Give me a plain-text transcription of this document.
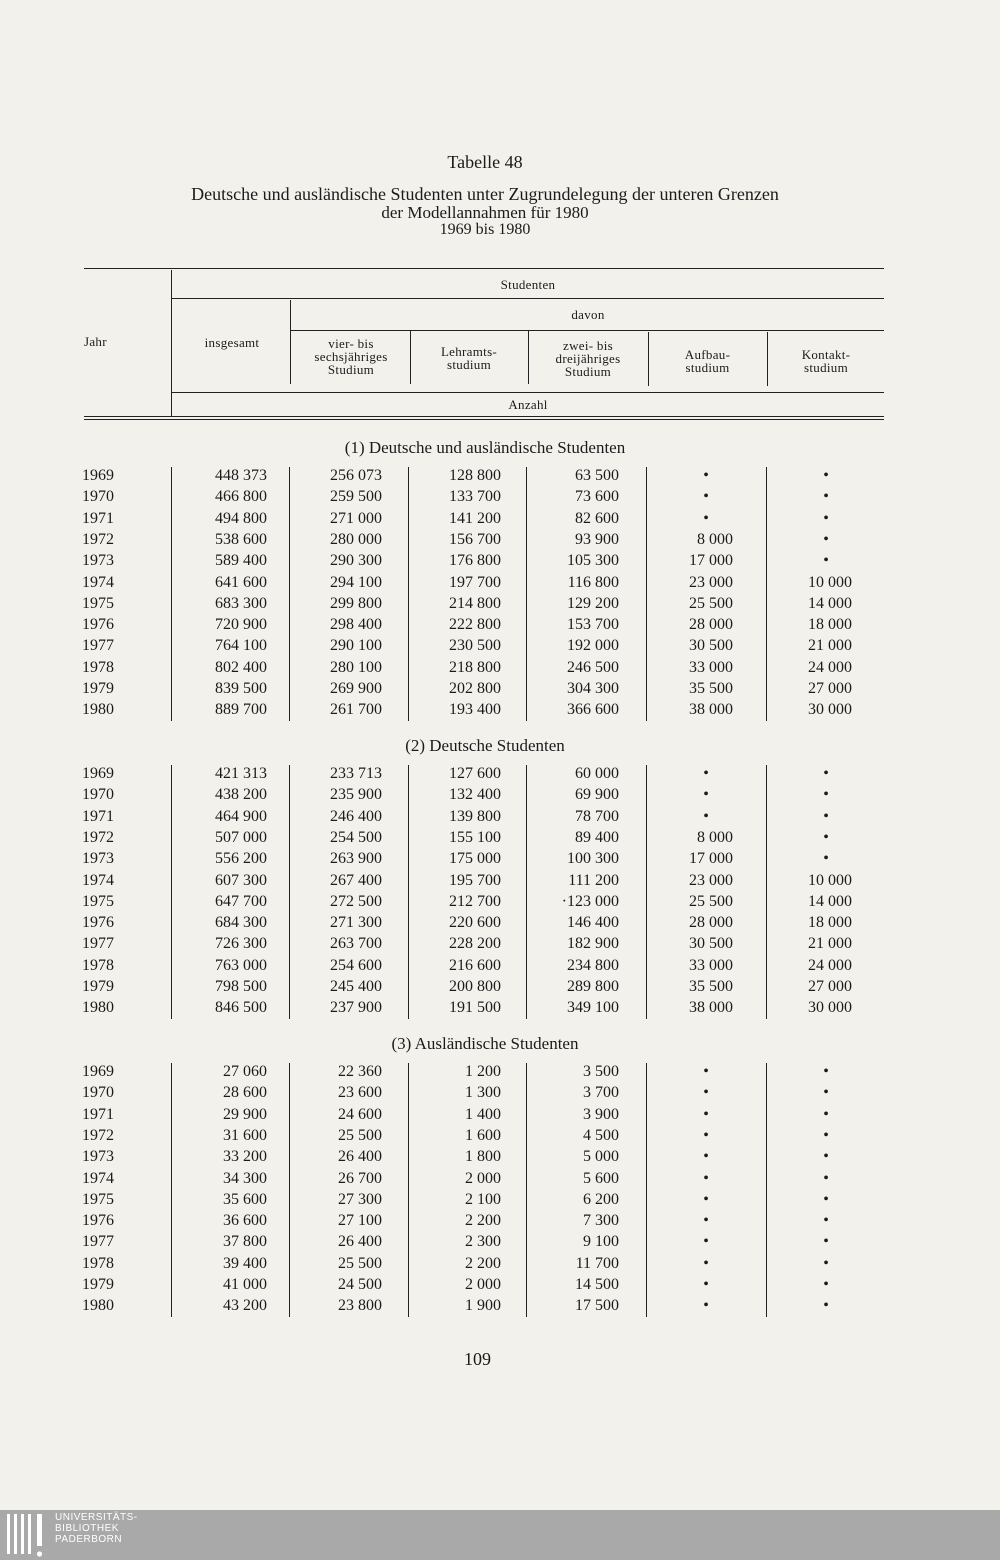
Tabelle 48
Deutsche und ausländische Studenten unter Zugrundelegung der unteren Grenzen
der Modellannahmen für 1980
1969 bis 1980
Jahr
Studenten
insgesamt
davon
vier- bis
sechsjähriges
Studium
Lehramts-
studium
zwei- bis
dreijähriges
Studium
Aufbau-
studium
Kontakt-
studium
Anzahl
(1) Deutsche und ausländische Studenten
(2) Deutsche Studenten
(3) Ausländische Studenten
1969	448 373	256 073	128 800	63 500	•	•
1970	466 800	259 500	133 700	73 600	•	•
1971	494 800	271 000	141 200	82 600	•	•
1972	538 600	280 000	156 700	93 900	8 000	•
1973	589 400	290 300	176 800	105 300	17 000	•
1974	641 600	294 100	197 700	116 800	23 000	10 000
1975	683 300	299 800	214 800	129 200	25 500	14 000
1976	720 900	298 400	222 800	153 700	28 000	18 000
1977	764 100	290 100	230 500	192 000	30 500	21 000
1978	802 400	280 100	218 800	246 500	33 000	24 000
1979	839 500	269 900	202 800	304 300	35 500	27 000
1980	889 700	261 700	193 400	366 600	38 000	30 000
1969	421 313	233 713	127 600	60 000	•	•
1970	438 200	235 900	132 400	69 900	•	•
1971	464 900	246 400	139 800	78 700	•	•
1972	507 000	254 500	155 100	89 400	8 000	•
1973	556 200	263 900	175 000	100 300	17 000	•
1974	607 300	267 400	195 700	111 200	23 000	10 000
1975	647 700	272 500	212 700	·123 000	25 500	14 000
1976	684 300	271 300	220 600	146 400	28 000	18 000
1977	726 300	263 700	228 200	182 900	30 500	21 000
1978	763 000	254 600	216 600	234 800	33 000	24 000
1979	798 500	245 400	200 800	289 800	35 500	27 000
1980	846 500	237 900	191 500	349 100	38 000	30 000
1969	27 060	22 360	1 200	3 500	•	•
1970	28 600	23 600	1 300	3 700	•	•
1971	29 900	24 600	1 400	3 900	•	•
1972	31 600	25 500	1 600	4 500	•	•
1973	33 200	26 400	1 800	5 000	•	•
1974	34 300	26 700	2 000	5 600	•	•
1975	35 600	27 300	2 100	6 200	•	•
1976	36 600	27 100	2 200	7 300	•	•
1977	37 800	26 400	2 300	9 100	•	•
1978	39 400	25 500	2 200	11 700	•	•
1979	41 000	24 500	2 000	14 500	•	•
1980	43 200	23 800	1 900	17 500	•	•
109
UNIVERSITÄTS-
BIBLIOTHEK
PADERBORN
